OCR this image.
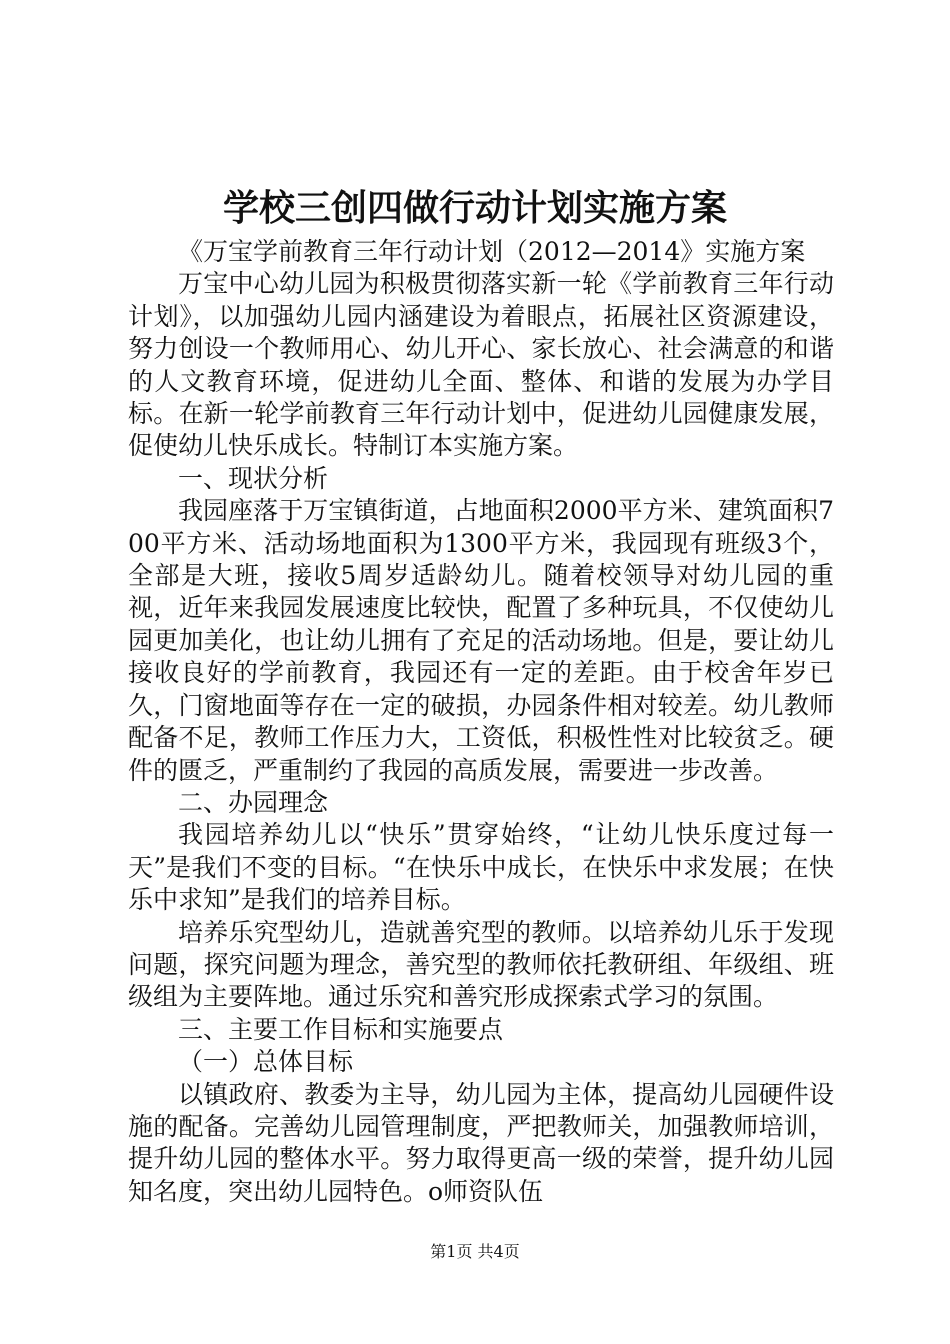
学校三创四做行动计划实施方案

《万宝学前教育三年行动计划（2012—2014》实施方案

万宝中心幼儿园为积极贯彻落实新一轮《学前教育三年行动计划》，以加强幼儿园内涵建设为着眼点，拓展社区资源建设，努力创设一个教师用心、幼儿开心、家长放心、社会满意的和谐的人文教育环境，促进幼儿全面、整体、和谐的发展为办学目标。在新一轮学前教育三年行动计划中，促进幼儿园健康发展，促使幼儿快乐成长。特制订本实施方案。

一、现状分析

我园座落于万宝镇街道，占地面积2000平方米、建筑面积700平方米、活动场地面积为1300平方米，我园现有班级3个，全部是大班，接收5周岁适龄幼儿。随着校领导对幼儿园的重视，近年来我园发展速度比较快，配置了多种玩具，不仅使幼儿园更加美化，也让幼儿拥有了充足的活动场地。但是，要让幼儿接收良好的学前教育，我园还有一定的差距。由于校舍年岁已久，门窗地面等存在一定的破损，办园条件相对较差。幼儿教师配备不足，教师工作压力大，工资低，积极性性对比较贫乏。硬件的匮乏，严重制约了我园的高质发展，需要进一步改善。

二、办园理念

我园培养幼儿以“快乐”贯穿始终，“让幼儿快乐度过每一天”是我们不变的目标。“在快乐中成长，在快乐中求发展；在快乐中求知”是我们的培养目标。

培养乐究型幼儿，造就善究型的教师。以培养幼儿乐于发现问题，探究问题为理念，善究型的教师依托教研组、年级组、班级组为主要阵地。通过乐究和善究形成探索式学习的氛围。

三、主要工作目标和实施要点

（一）总体目标

以镇政府、教委为主导，幼儿园为主体，提高幼儿园硬件设施的配备。完善幼儿园管理制度，严把教师关，加强教师培训，提升幼儿园的整体水平。努力取得更高一级的荣誉，提升幼儿园知名度，突出幼儿园特色。o师资队伍

第1页 共4页
